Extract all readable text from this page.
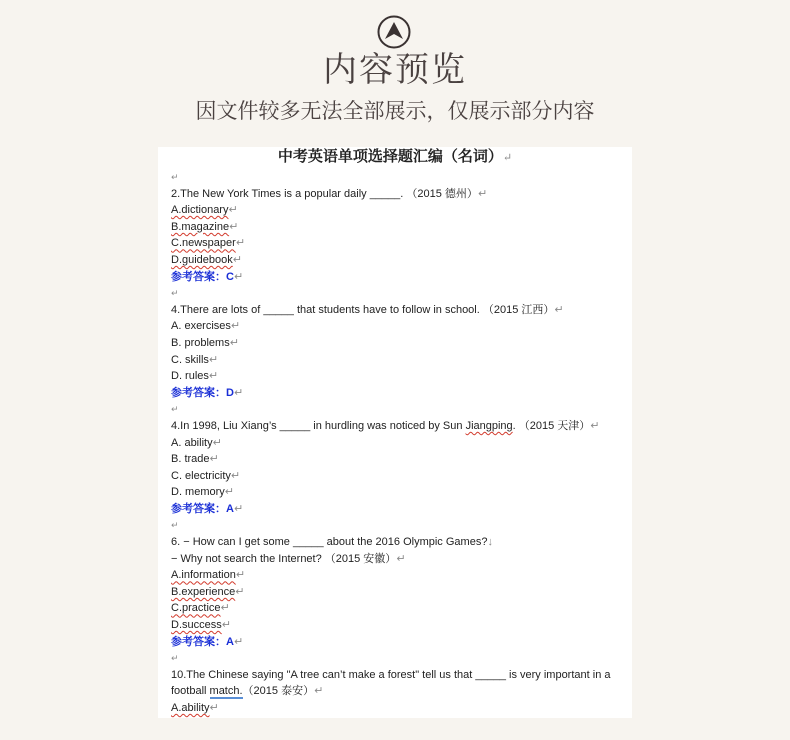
内容预览
因文件较多无法全部展示，仅展示部分内容
中考英语单项选择题汇编（名词）↵
↵
2.The New York Times is a popular daily _____. （2015 德州）↵
A.dictionary↵
B.magazine↵
C.newspaper↵
D.guidebook↵
参考答案：C↵
↵
4.There are lots of _____ that students have to follow in school. （2015 江西）↵
A. exercises↵
B. problems↵
C. skills↵
D. rules↵
参考答案：D↵
↵
4.In 1998, Liu Xiang’s _____ in hurdling was noticed by Sun Jiangping. （2015 天津）↵
A. ability↵
B. trade↵
C. electricity↵
D. memory↵
参考答案：A↵
↵
6. − How can I get some _____ about the 2016 Olympic Games?↓
− Why not search the Internet? （2015 安徽）↵
A.information↵
B.experience↵
C.practice↵
D.success↵
参考答案：A↵
↵
10.The Chinese saying "A tree can’t make a forest" tell us that _____ is very important in a
football match.（2015 泰安）↵
A.ability↵
